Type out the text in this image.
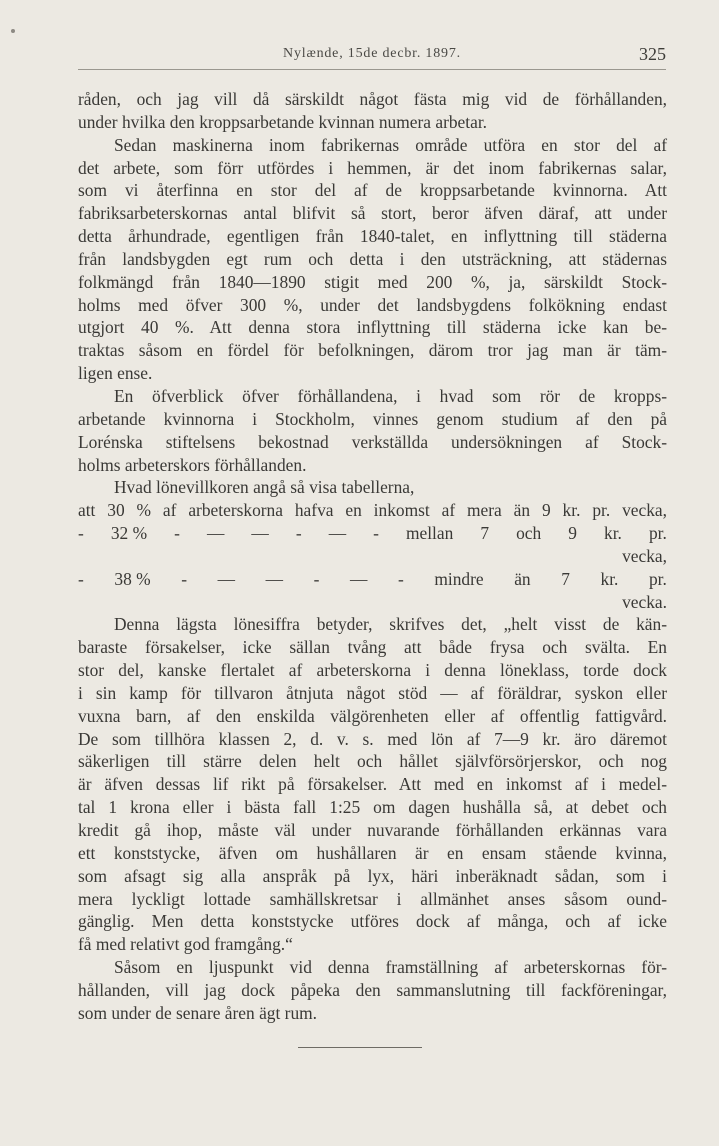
Nylænde, 15de decbr. 1897.	325
råden, och jag vill då särskildt något fästa mig vid de förhållanden,
under hvilka den kroppsarbetande kvinnan numera arbetar.
Sedan maskinerna inom fabrikernas område utföra en stor del af
det arbete, som förr utfördes i hemmen, är det inom fabrikernas salar,
som vi återfinna en stor del af de kroppsarbetande kvinnorna. Att
fabriksarbeterskornas antal blifvit så stort, beror äfven däraf, att under
detta århundrade, egentligen från 1840-talet, en inflyttning till städerna
från landsbygden egt rum och detta i den utsträckning, att städernas
folkmängd från 1840—1890 stigit med 200 %, ja, särskildt Stock-
holms med öfver 300 %, under det landsbygdens folkökning endast
utgjort 40 %. Att denna stora inflyttning till städerna icke kan be-
traktas såsom en fördel för befolkningen, därom tror jag man är täm-
ligen ense.
En öfverblick öfver förhållandena, i hvad som rör de kropps-
arbetande kvinnorna i Stockholm, vinnes genom studium af den på
Lorénska stiftelsens bekostnad verkställda undersökningen af Stock-
holms arbeterskors förhållanden.
Hvad lönevillkoren angå så visa tabellerna,
att 30 % af arbeterskorna hafva en inkomst af mera än 9 kr. pr. vecka,
- 32 % - — — - — - mellan 7 och 9 kr. pr.
vecka,
- 38 % - — — - — - mindre än 7 kr. pr.
vecka.
Denna lägsta lönesiffra betyder, skrifves det, „helt visst de kän-
baraste försakelser, icke sällan tvång att både frysa och svälta. En
stor del, kanske flertalet af arbeterskorna i denna löneklass, torde dock
i sin kamp för tillvaron åtnjuta något stöd — af föräldrar, syskon eller
vuxna barn, af den enskilda välgörenheten eller af offentlig fattigvård.
De som tillhöra klassen 2, d. v. s. med lön af 7—9 kr. äro däremot
säkerligen till stärre delen helt och hållet självförsörjerskor, och nog
är äfven dessas lif rikt på försakelser. Att med en inkomst af i medel-
tal 1 krona eller i bästa fall 1:25 om dagen hushålla så, at debet och
kredit gå ihop, måste väl under nuvarande förhållanden erkännas vara
ett konststycke, äfven om hushållaren är en ensam stående kvinna,
som afsagt sig alla anspråk på lyx, häri inberäknadt sådan, som i
mera lyckligt lottade samhällskretsar i allmänhet anses såsom ound-
gänglig. Men detta konststycke utföres dock af många, och af icke
få med relativt god framgång.“
Såsom en ljuspunkt vid denna framställning af arbeterskornas för-
hållanden, vill jag dock påpeka den sammanslutning till fackföreningar,
som under de senare åren ägt rum.
